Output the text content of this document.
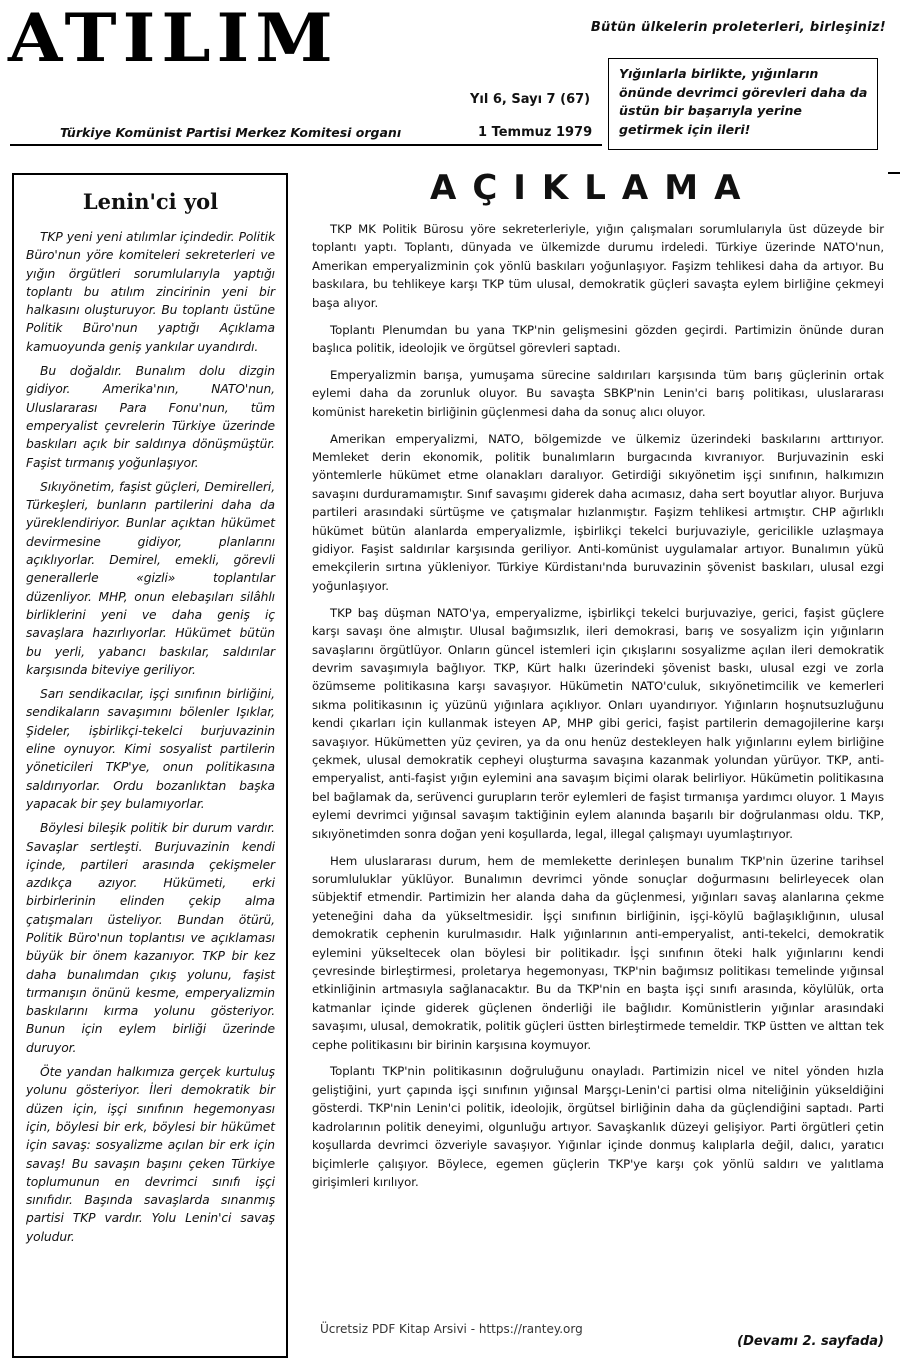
ATILIM	Bütün ülkelerin proleterleri, birleşiniz!
Yığınlarla birlikte, yığınların önünde devrimci görevleri daha da üstün bir başarıyla yerine getirmek için ileri!
Yıl 6, Sayı 7 (67)
Türkiye Komünist Partisi Merkez Komitesi organı	1 Temmuz 1979
Lenin'ci yol

TKP yeni yeni atılımlar içindedir. Politik Büro'nun yöre komiteleri sekreterleri ve yığın örgütleri sorumlularıyla yaptığı toplantı bu atılım zincirinin yeni bir halkasını oluşturuyor. Bu toplantı üstüne Politik Büro'nun yaptığı Açıklama kamuoyunda geniş yankılar uyandırdı.

Bu doğaldır. Bunalım dolu dizgin gidiyor. Amerika'nın, NATO'nun, Uluslararası Para Fonu'nun, tüm emperyalist çevrelerin Türkiye üzerinde baskıları açık bir saldırıya dönüşmüştür. Faşist tırmanış yoğunlaşıyor.

Sıkıyönetim, faşist güçleri, Demirelleri, Türkeşleri, bunların partilerini daha da yüreklendiriyor. Bunlar açıktan hükümet devirmesine gidiyor, planlarını açıklıyorlar. Demirel, emekli, görevli generallerle «gizli» toplantılar düzenliyor. MHP, onun elebaşıları silâhlı birliklerini yeni ve daha geniş iç savaşlara hazırlıyorlar. Hükümet bütün bu yerli, yabancı baskılar, saldırılar karşısında biteviye geriliyor.

Sarı sendikacılar, işçi sınıfının birliğini, sendikaların savaşımını bölenler Işıklar, Şideler, işbirlikçi-tekelci burjuvazinin eline oynuyor. Kimi sosyalist partilerin yöneticileri TKP'ye, onun politikasına saldırıyorlar. Ordu bozanlıktan başka yapacak bir şey bulamıyorlar.

Böylesi bileşik politik bir durum vardır. Savaşlar sertleşti. Burjuvazinin kendi içinde, partileri arasında çekişmeler azdıkça azıyor. Hükümeti, erki birbirlerinin elinden çekip alma çatışmaları üsteliyor. Bundan ötürü, Politik Büro'nun toplantısı ve açıklaması büyük bir önem kazanıyor. TKP bir kez daha bunalımdan çıkış yolunu, faşist tırmanışın önünü kesme, emperyalizmin baskılarını kırma yolunu gösteriyor. Bunun için eylem birliği üzerinde duruyor.

Öte yandan halkımıza gerçek kurtuluş yolunu gösteriyor. İleri demokratik bir düzen için, işçi sınıfının hegemonyası için, böylesi bir erk, böylesi bir hükümet için savaş: sosyalizme açılan bir erk için savaş! Bu savaşın başını çeken Türkiye toplumunun en devrimci sınıfı işçi sınıfıdır. Başında savaşlarda sınanmış partisi TKP vardır. Yolu Lenin'ci savaş yoludur.

AÇIKLAMA

TKP MK Politik Bürosu yöre sekreterleriyle, yığın çalışmaları sorumlularıyla üst düzeyde bir toplantı yaptı. Toplantı, dünyada ve ülkemizde durumu irdeledi. Türkiye üzerinde NATO'nun, Amerikan emperyalizminin çok yönlü baskıları yoğunlaşıyor. Faşizm tehlikesi daha da artıyor. Bu baskılara, bu tehlikeye karşı TKP tüm ulusal, demokratik güçleri savaşta eylem birliğine çekmeyi başa alıyor.

Toplantı Plenumdan bu yana TKP'nin gelişmesini gözden geçirdi. Partimizin önünde duran başlıca politik, ideolojik ve örgütsel görevleri saptadı.

Emperyalizmin barışa, yumuşama sürecine saldırıları karşısında tüm barış güçlerinin ortak eylemi daha da zorunluk oluyor. Bu savaşta SBKP'nin Lenin'ci barış politikası, uluslararası komünist hareketin birliğinin güçlenmesi daha da sonuç alıcı oluyor.

Amerikan emperyalizmi, NATO, bölgemizde ve ülkemiz üzerindeki baskılarını arttırıyor. Memleket derin ekonomik, politik bunalımların burgacında kıvranıyor. Burjuvazinin eski yöntemlerle hükümet etme olanakları daralıyor. Getirdiği sıkıyönetim işçi sınıfının, halkımızın savaşını durduramamıştır. Sınıf savaşımı giderek daha acımasız, daha sert boyutlar alıyor. Burjuva partileri arasındaki sürtüşme ve çatışmalar hızlanmıştır. Faşizm tehlikesi artmıştır. CHP ağırlıklı hükümet bütün alanlarda emperyalizmle, işbirlikçi tekelci burjuvaziyle, gericilikle uzlaşmaya gidiyor. Faşist saldırılar karşısında geriliyor. Anti-komünist uygulamalar artıyor. Bunalımın yükü emekçilerin sırtına yükleniyor. Türkiye Kürdistanı'nda buruvazinin şövenist baskıları, ulusal ezgi yoğunlaşıyor.

TKP baş düşman NATO'ya, emperyalizme, işbirlikçi tekelci burjuvaziye, gerici, faşist güçlere karşı savaşı öne almıştır. Ulusal bağımsızlık, ileri demokrasi, barış ve sosyalizm için yığınların savaşlarını örgütlüyor. Onların güncel istemleri için çıkışlarını sosyalizme açılan ileri demokratik devrim savaşımıyla bağlıyor. TKP, Kürt halkı üzerindeki şövenist baskı, ulusal ezgi ve zorla özümseme politikasına karşı savaşıyor. Hükümetin NATO'culuk, sıkıyönetimcilik ve kemerleri sıkma politikasının iç yüzünü yığınlara açıklıyor. Onları uyandırıyor. Yığınların hoşnutsuzluğunu kendi çıkarları için kullanmak isteyen AP, MHP gibi gerici, faşist partilerin demagojilerine karşı savaşıyor. Hükümetten yüz çeviren, ya da onu henüz destekleyen halk yığınlarını eylem birliğine çekmek, ulusal demokratik cepheyi oluşturma savaşına kazanmak yolundan yürüyor. TKP, anti-emperyalist, anti-faşist yığın eylemini ana savaşım biçimi olarak belirliyor. Hükümetin politikasına bel bağlamak da, serüvenci gurupların terör eylemleri de faşist tırmanışa yardımcı oluyor. 1 Mayıs eylemi devrimci yığınsal savaşım taktiğinin eylem alanında başarılı bir doğrulanması oldu. TKP, sıkıyönetimden sonra doğan yeni koşullarda, legal, illegal çalışmayı uyumlaştırıyor.

Hem uluslararası durum, hem de memlekette derinleşen bunalım TKP'nin üzerine tarihsel sorumluluklar yüklüyor. Bunalımın devrimci yönde sonuçlar doğurmasını belirleyecek olan sübjektif etmendir. Partimizin her alanda daha da güçlenmesi, yığınları savaş alanlarına çekme yeteneğini daha da yükseltmesidir. İşçi sınıfının birliğinin, işçi-köylü bağlaşıklığının, ulusal demokratik cephenin kurulmasıdır. Halk yığınlarının anti-emperyalist, anti-tekelci, demokratik eylemini yükseltecek olan böylesi bir politikadır. İşçi sınıfının öteki halk yığınlarını kendi çevresinde birleştirmesi, proletarya hegemonyası, TKP'nin bağımsız politikası temelinde yığınsal etkinliğinin artmasıyla sağlanacaktır. Bu da TKP'nin en başta işçi sınıfı arasında, köylülük, orta katmanlar içinde giderek güçlenen önderliği ile bağlıdır. Komünistlerin yığınlar arasındaki savaşımı, ulusal, demokratik, politik güçleri üstten birleştirmede temeldir. TKP üstten ve alttan tek cephe politikasını bir birinin karşısına koymuyor.

Toplantı TKP'nin politikasının doğruluğunu onayladı. Partimizin nicel ve nitel yönden hızla geliştiğini, yurt çapında işçi sınıfının yığınsal Marşçı-Lenin'ci partisi olma niteliğinin yükseldiğini gösterdi. TKP'nin Lenin'ci politik, ideolojik, örgütsel birliğinin daha da güçlendiğini saptadı. Parti kadrolarının politik deneyimi, olgunluğu artıyor. Savaşkanlık düzeyi gelişiyor. Parti örgütleri çetin koşullarda devrimci özveriyle savaşıyor. Yığınlar içinde donmuş kalıplarla değil, dalıcı, yaratıcı biçimlerle çalışıyor. Böylece, egemen güçlerin TKP'ye karşı çok yönlü saldırı ve yalıtlama girişimleri kırılıyor.

Ücretsiz PDF Kitap Arsivi - https://rantey.org
(Devamı 2. sayfada)
